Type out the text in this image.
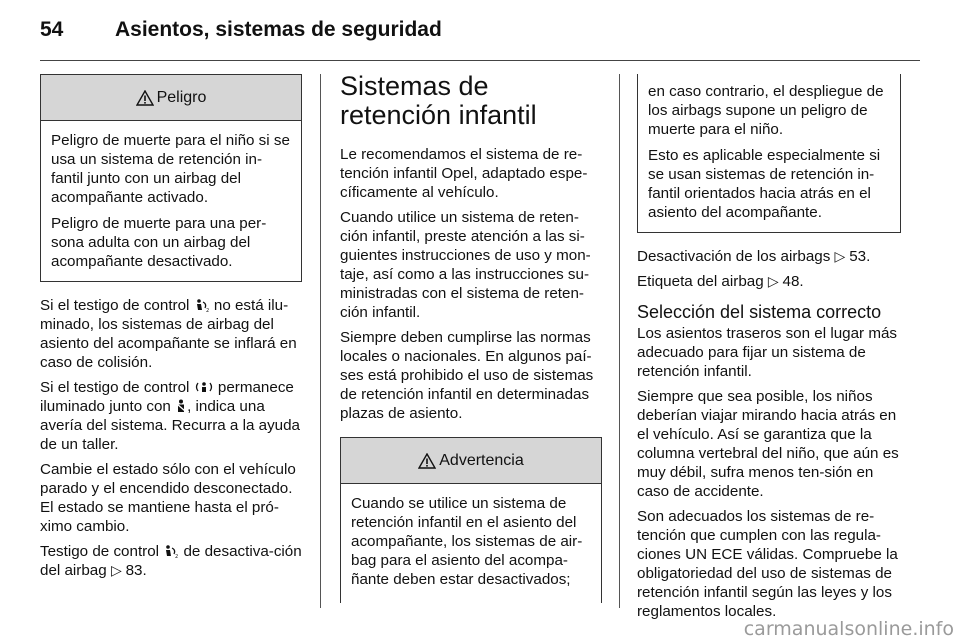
54 Asientos, sistemas de seguridad
Peligro

Peligro de muerte para el niño si se usa un sistema de retención in-fantil junto con un airbag del acompañante activado.

Peligro de muerte para una per-sona adulta con un airbag del acompañante desactivado.

Si el testigo de control 2 no está ilu-minado, los sistemas de airbag del asiento del acompañante se inflará en caso de colisión.

Si el testigo de control  permanece iluminado junto con , indica una avería del sistema. Recurra a la ayuda de un taller.

Cambie el estado sólo con el vehículo parado y el encendido desconectado. El estado se mantiene hasta el pró-ximo cambio.

Testigo de control 2 de desactiva-ción del airbag ▷ 83.

Sistemas de retención infantil

Le recomendamos el sistema de re-tención infantil Opel, adaptado espe-cíficamente al vehículo.

Cuando utilice un sistema de reten-ción infantil, preste atención a las si-guientes instrucciones de uso y mon-taje, así como a las instrucciones su-ministradas con el sistema de reten-ción infantil.

Siempre deben cumplirse las normas locales o nacionales. En algunos paí-ses está prohibido el uso de sistemas de retención infantil en determinadas plazas de asiento.

Advertencia

Cuando se utilice un sistema de retención infantil en el asiento del acompañante, los sistemas de air-bag para el asiento del acompa-ñante deben estar desactivados;

en caso contrario, el despliegue de los airbags supone un peligro de muerte para el niño.

Esto es aplicable especialmente si se usan sistemas de retención in-fantil orientados hacia atrás en el asiento del acompañante.

Desactivación de los airbags ▷ 53.

Etiqueta del airbag ▷ 48.

Selección del sistema correcto

Los asientos traseros son el lugar más adecuado para fijar un sistema de retención infantil.

Siempre que sea posible, los niños deberían viajar mirando hacia atrás en el vehículo. Así se garantiza que la columna vertebral del niño, que aún es muy débil, sufra menos ten-sión en caso de accidente.

Son adecuados los sistemas de re-tención que cumplen con las regula-ciones UN ECE válidas. Compruebe la obligatoriedad del uso de sistemas de retención infantil según las leyes y los reglamentos locales.

carmanualsonline.info
